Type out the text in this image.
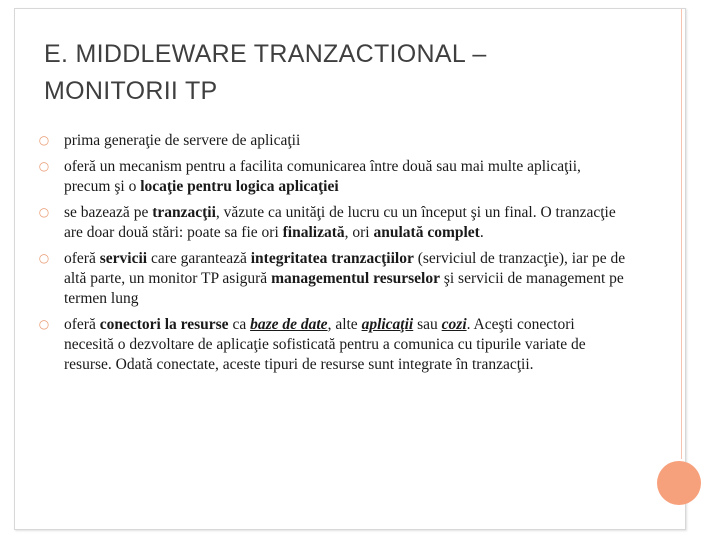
E. MIDDLEWARE TRANZACTIONAL –
MONITORII TP
○ prima generaţie de servere de aplicaţii
○ oferă un mecanism pentru a facilita comunicarea între două sau mai multe aplicaţii, precum şi o locaţie pentru logica aplicaţiei
○ se bazează pe tranzacţii, văzute ca unităţi de lucru cu un început şi un final. O tranzacţie are doar două stări: poate sa fie ori finalizată, ori anulată complet.
○ oferă servicii care garantează integritatea tranzacţiilor (serviciul de tranzacţie), iar pe de altă parte, un monitor TP asigură managementul resurselor şi servicii de management pe termen lung
○ oferă conectori la resurse ca baze de date, alte aplicaţii sau cozi. Aceşti conectori necesită o dezvoltare de aplicaţie sofisticată pentru a comunica cu tipurile variate de resurse. Odată conectate, aceste tipuri de resurse sunt integrate în tranzacţii.
